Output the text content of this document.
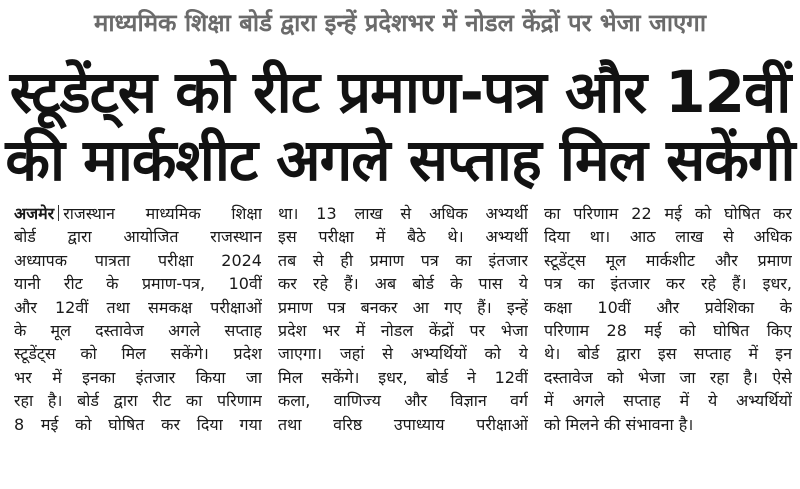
माध्यमिक शिक्षा बोर्ड द्वारा इन्हें प्रदेशभर में नोडल केंद्रों पर भेजा जाएगा
स्टूडेंट्स को रीट प्रमाण-पत्र और 12वीं
की मार्कशीट अगले सप्ताह मिल सकेंगी
अजमेर राजस्थान माध्यमिक शिक्षा
बोर्ड द्वारा आयोजित राजस्थान
अध्यापक पात्रता परीक्षा 2024
यानी रीट के प्रमाण-पत्र, 10वीं
और 12वीं तथा समकक्ष परीक्षाओं
के मूल दस्तावेज अगले सप्ताह
स्टूडेंट्स को मिल सकेंगे। प्रदेश
भर में इनका इंतजार किया जा
रहा है। बोर्ड द्वारा रीट का परिणाम
8 मई को घोषित कर दिया गया
था। 13 लाख से अधिक अभ्यर्थी
इस परीक्षा में बैठे थे। अभ्यर्थी
तब से ही प्रमाण पत्र का इंतजार
कर रहे हैं। अब बोर्ड के पास ये
प्रमाण पत्र बनकर आ गए हैं। इन्हें
प्रदेश भर में नोडल केंद्रों पर भेजा
जाएगा। जहां से अभ्यर्थियों को ये
मिल सकेंगे। इधर, बोर्ड ने 12वीं
कला, वाणिज्य और विज्ञान वर्ग
तथा वरिष्ठ उपाध्याय परीक्षाओं
का परिणाम 22 मई को घोषित कर
दिया था। आठ लाख से अधिक
स्टूडेंट्स मूल मार्कशीट और प्रमाण
पत्र का इंतजार कर रहे हैं। इधर,
कक्षा 10वीं और प्रवेशिका के
परिणाम 28 मई को घोषित किए
थे। बोर्ड द्वारा इस सप्ताह में इन
दस्तावेज को भेजा जा रहा है। ऐसे
में अगले सप्ताह में ये अभ्यर्थियों
को मिलने की संभावना है।
